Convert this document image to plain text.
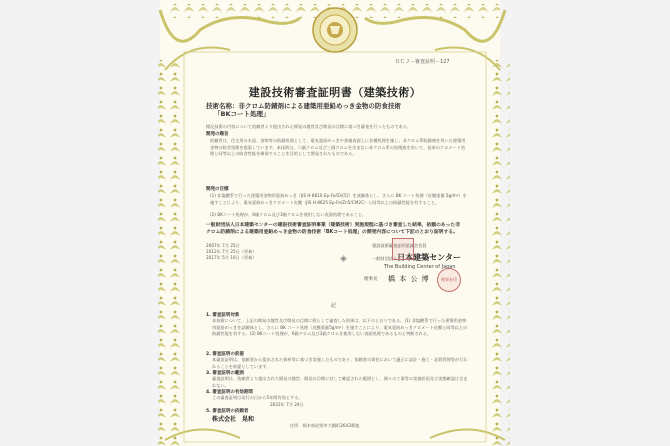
ＢＣＪ－審査証明－127
建設技術審査証明書（建築技術）
技術名称：非クロム防錆剤による建築用亜鉛めっき金物の防食技術
「BKコート処理」
標記技術の内容について依頼者より提出された開発の趣旨及び開発の目標に基づき審査を行ったものである。
開発の趣旨
依頼者は、住宅用の木造、金物等の防錆処理として、電気亜鉛めっきや金属表面上に各種処理を施し、非クロム系防錆剤を用いた建築用金物の防食処理を提案しています。本技術は、六価クロム及び三価クロムを含まない非クロム系の処理液を用いて、従来のクロメート処理と同等以上の防食性能を確保することを目的として開発されたものである。
開発の目標
(1) 非塩酸系で行った建築用金物用亜鉛めっき（JIS H 8610 Ep-Fe/Zn[5]）を試験体とし、さらに BK コート処理（皮膜重量 5g/m²）を施すことにより、電気亜鉛めっきクロメート皮膜（JIS H 8625 Ep-Fe/Zn5/CM2C）と同等以上の防錆性能を有すること。
(2) BKコート処理が、6価クロム及び3価クロムを使用しない表面処理であること。
一般財団法人日本建築センターの建設技術審査証明事業（建築技術）実施規程に基づき審査した結果、依頼のあった非クロム防錆剤による建築用亜鉛めっき金物の防食技術「BKコート処理」の開発内容について下記のとおり証明する。
2007年 7月 25日
2012年 7月 25日（更新）
2017年 5月 16日（更新）
建設技術審査証明協議会会員
一般財団法人日本建築センター
The Building Center of Japan
◈
理事長 橋 本 公 博	理事長印
記
1. 審査証明対象
本技術について、上記の開発の趣旨及び開発の目標に照らして審査した結果は、以下のとおりである。(1) 非塩酸系で行った建築用金物用亜鉛めっきを試験体とし、さらに BK コート処理（皮膜重量5g/m²）を施すことにより、電気亜鉛めっきクロメート皮膜と同等以上の防錆性能を有する。(2) BKコート処理が、6価クロム及び3価クロムを使用しない表面処理であるものと判断される。
2. 審査証明の前提
本審査証明は、依頼者から提出された資料等に基づき実施したものであり、依頼者の責任において適正に設計・施工・品質管理等が行われることを前提としています。
3. 審査証明の範囲
審査証明は、依頼者より提出された開発の趣旨、開発の目標に対して確認された範囲とし、個々の工事等の実施状況及び実態確認は含まれない。
4. 審査証明の有効期間
この審査証明は発行の日から5年間有効とする。
2022年 7月 24日
5. 審査証明の依頼者
株式会社　晃和
住所　栃木県佐野市大橋町2643番地
